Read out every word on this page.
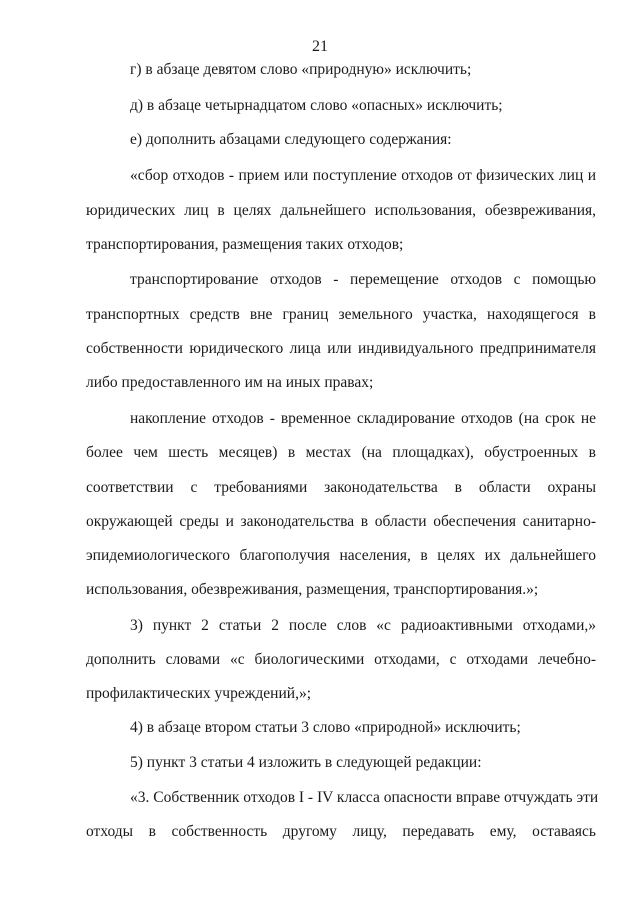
21
г) в абзаце девятом слово «природную» исключить;
д) в абзаце четырнадцатом слово «опасных» исключить;
е) дополнить абзацами следующего содержания:
«сбор отходов - прием или поступление отходов от физических лиц и
юридических лиц в целях дальнейшего использования, обезвреживания,
транспортирования, размещения таких отходов;
транспортирование отходов - перемещение отходов с помощью
транспортных средств вне границ земельного участка, находящегося в
собственности юридического лица или индивидуального предпринимателя
либо предоставленного им на иных правах;
накопление отходов - временное складирование отходов (на срок не
более чем шесть месяцев) в местах (на площадках), обустроенных в
соответствии с требованиями законодательства в области охраны
окружающей среды и законодательства в области обеспечения санитарно-
эпидемиологического благополучия населения, в целях их дальнейшего
использования, обезвреживания, размещения, транспортирования.»;
3) пункт 2 статьи 2 после слов «с радиоактивными отходами,»
дополнить словами «с биологическими отходами, с отходами лечебно-
профилактических учреждений,»;
4) в абзаце втором статьи 3 слово «природной» исключить;
5) пункт 3 статьи 4 изложить в следующей редакции:
«3. Собственник отходов I - IV класса опасности вправе отчуждать эти
отходы в собственность другому лицу, передавать ему, оставаясь
